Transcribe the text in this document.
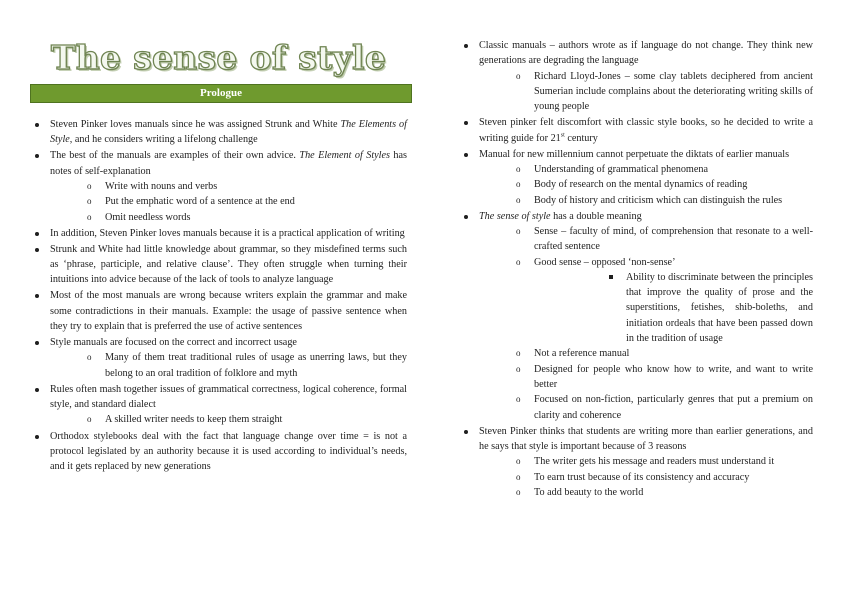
The sense of style
Prologue
Steven Pinker loves manuals since he was assigned Strunk and White The Elements of Style, and he considers writing a lifelong challenge
The best of the manuals are examples of their own advice. The Element of Styles has notes of self-explanation
o Write with nouns and verbs
o Put the emphatic word of a sentence at the end
o Omit needless words
In addition, Steven Pinker loves manuals because it is a practical application of writing
Strunk and White had little knowledge about grammar, so they misdefined terms such as ‘phrase, participle, and relative clause’. They often struggle when turning their intuitions into advice because of the lack of tools to analyze language
Most of the most manuals are wrong because writers explain the grammar and make some contradictions in their manuals. Example: the usage of passive sentence when they try to explain that is preferred the use of active sentences
Style manuals are focused on the correct and incorrect usage
o Many of them treat traditional rules of usage as unerring laws, but they belong to an oral tradition of folklore and myth
Rules often mash together issues of grammatical correctness, logical coherence, formal style, and standard dialect
o A skilled writer needs to keep them straight
Orthodox stylebooks deal with the fact that language change over time = is not a protocol legislated by an authority because it is used according to individual’s needs, and it gets replaced by new generations
Classic manuals – authors wrote as if language do not change. They think new generations are degrading the language
o Richard Lloyd-Jones – some clay tablets deciphered from ancient Sumerian include complains about the deteriorating writing skills of young people
Steven pinker felt discomfort with classic style books, so he decided to write a writing guide for 21st century
Manual for new millennium cannot perpetuate the diktats of earlier manuals
o Understanding of grammatical phenomena
o Body of research on the mental dynamics of reading
o Body of history and criticism which can distinguish the rules
The sense of style has a double meaning
o Sense – faculty of mind, of comprehension that resonate to a well-crafted sentence
o Good sense – opposed ‘non-sense’
Ability to discriminate between the principles that improve the quality of prose and the superstitions, fetishes, shib-boleths, and initiation ordeals that have been passed down in the tradition of usage
o Not a reference manual
o Designed for people who know how to write, and want to write better
o Focused on non-fiction, particularly genres that put a premium on clarity and coherence
Steven Pinker thinks that students are writing more than earlier generations, and he says that style is important because of 3 reasons
o The writer gets his message and readers must understand it
o To earn trust because of its consistency and accuracy
o To add beauty to the world
